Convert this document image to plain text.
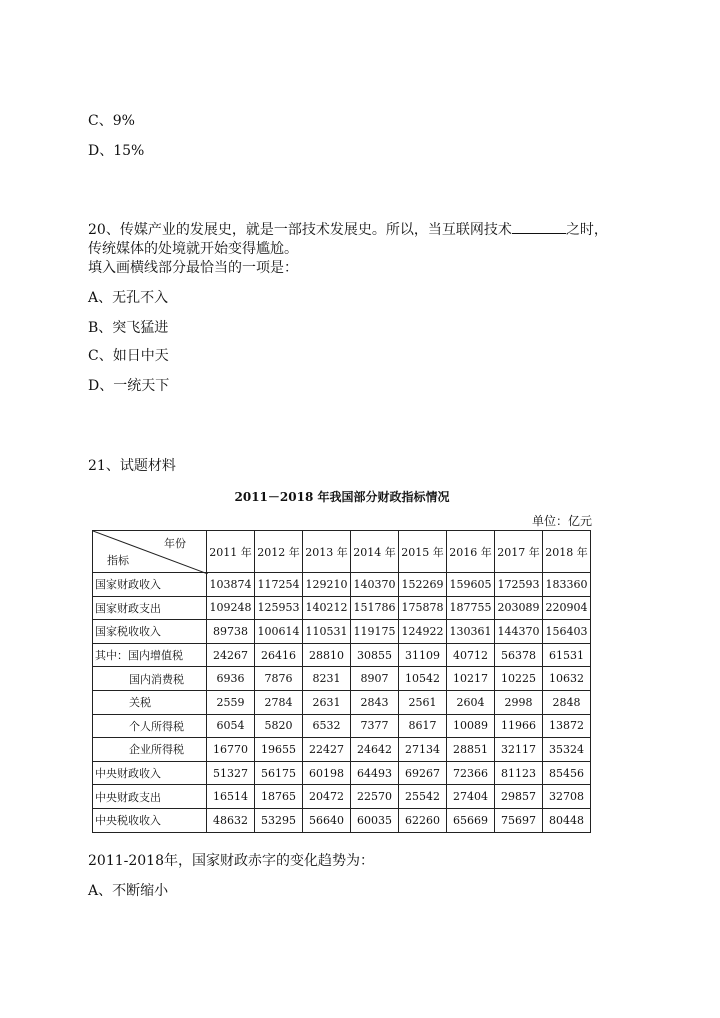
C、9%
D、15%
20、传媒产业的发展史，就是一部技术发展史。所以，当互联网技术	之时，
传统媒体的处境就开始变得尴尬。
填入画横线部分最恰当的一项是：
A、无孔不入
B、突飞猛进
C、如日中天
D、一统天下
21、试题材料
2011－2018 年我国部分财政指标情况
单位：亿元
年份
指标	2011 年	2012 年	2013 年	2014 年	2015 年	2016 年	2017 年	2018 年
国家财政收入	103874	117254	129210	140370	152269	159605	172593	183360
国家财政支出	109248	125953	140212	151786	175878	187755	203089	220904
国家税收收入	89738	100614	110531	119175	124922	130361	144370	156403
其中：国内增值税	24267	26416	28810	30855	31109	40712	56378	61531
国内消费税	6936	7876	8231	8907	10542	10217	10225	10632
关税	2559	2784	2631	2843	2561	2604	2998	2848
个人所得税	6054	5820	6532	7377	8617	10089	11966	13872
企业所得税	16770	19655	22427	24642	27134	28851	32117	35324
中央财政收入	51327	56175	60198	64493	69267	72366	81123	85456
中央财政支出	16514	18765	20472	22570	25542	27404	29857	32708
中央税收收入	48632	53295	56640	60035	62260	65669	75697	80448
2011-2018年，国家财政赤字的变化趋势为：
A、不断缩小
